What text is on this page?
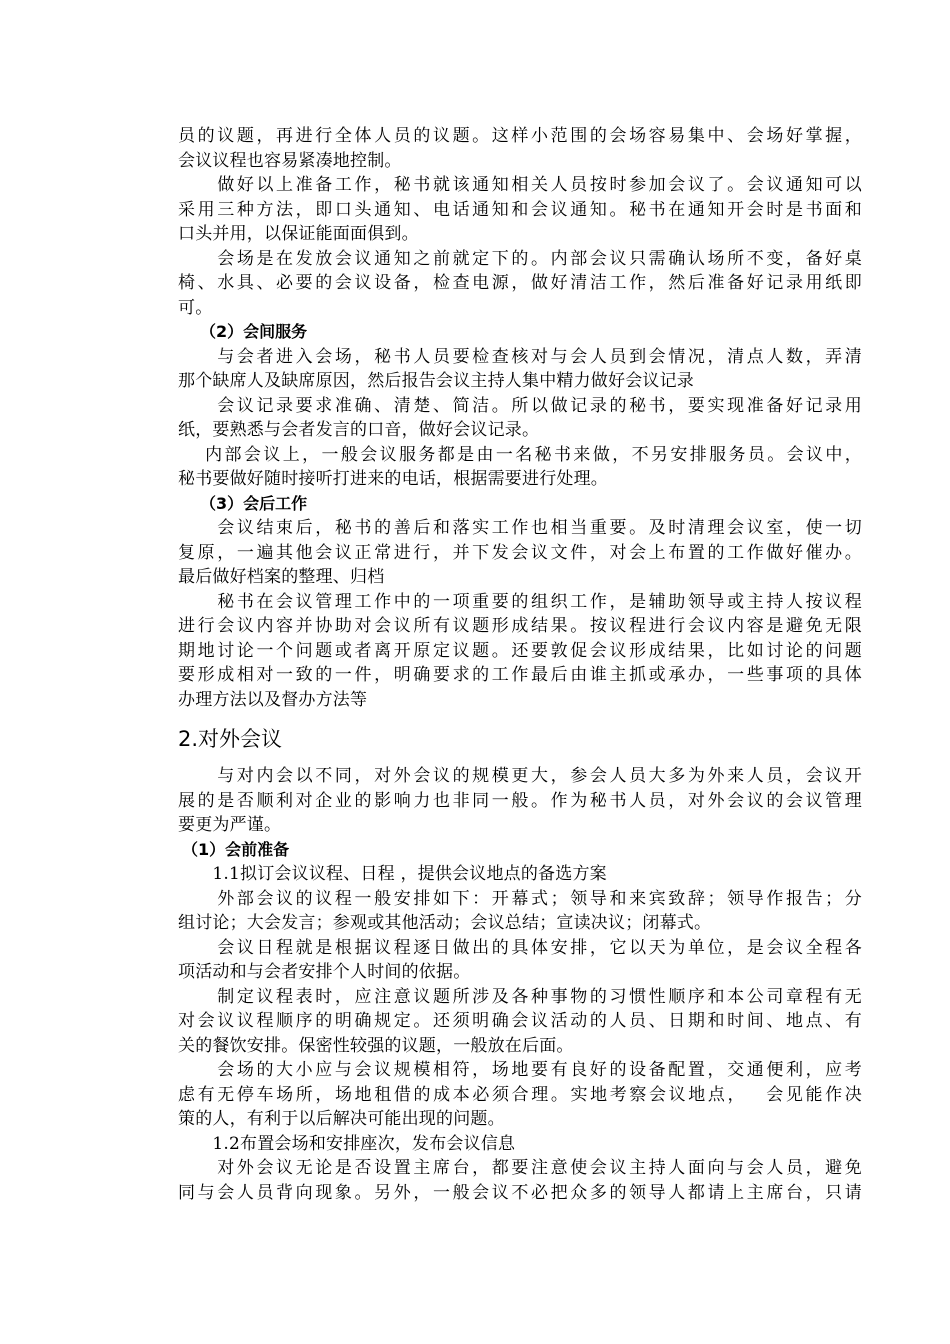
员的议题，再进行全体人员的议题。这样小范围的会场容易集中、会场好掌握，
会议议程也容易紧凑地控制。
　　做好以上准备工作，秘书就该通知相关人员按时参加会议了。会议通知可以
采用三种方法，即口头通知、电话通知和会议通知。秘书在通知开会时是书面和
口头并用，以保证能面面俱到。
　　会场是在发放会议通知之前就定下的。内部会议只需确认场所不变，备好桌
椅、水具、必要的会议设备，检查电源，做好清洁工作，然后准备好记录用纸即
可。
（2）会间服务
　　与会者进入会场，秘书人员要检查核对与会人员到会情况，清点人数，弄清
那个缺席人及缺席原因，然后报告会议主持人集中精力做好会议记录
　　会议记录要求准确、清楚、简洁。所以做记录的秘书，要实现准备好记录用
纸，要熟悉与会者发言的口音，做好会议记录。
　 内部会议上，一般会议服务都是由一名秘书来做，不另安排服务员。会议中，
秘书要做好随时接听打进来的电话，根据需要进行处理。
（3）会后工作
　　会议结束后，秘书的善后和落实工作也相当重要。及时清理会议室，使一切
复原，一遍其他会议正常进行，并下发会议文件，对会上布置的工作做好催办。
最后做好档案的整理、归档
　　秘书在会议管理工作中的一项重要的组织工作，是辅助领导或主持人按议程
进行会议内容并协助对会议所有议题形成结果。按议程进行会议内容是避免无限
期地讨论一个问题或者离开原定议题。还要敦促会议形成结果，比如讨论的问题
要形成相对一致的一件，明确要求的工作最后由谁主抓或承办，一些事项的具体
办理方法以及督办方法等
2.对外会议
　　与对内会以不同，对外会议的规模更大，参会人员大多为外来人员，会议开
展的是否顺利对企业的影响力也非同一般。作为秘书人员，对外会议的会议管理
要更为严谨。
（1）会前准备
　　1.1拟订会议议程、日程 ，提供会议地点的备选方案
　　外部会议的议程一般安排如下：开幕式；领导和来宾致辞；领导作报告；分
组讨论；大会发言；参观或其他活动；会议总结；宣读决议；闭幕式。
　　会议日程就是根据议程逐日做出的具体安排，它以天为单位，是会议全程各
项活动和与会者安排个人时间的依据。
　　制定议程表时，应注意议题所涉及各种事物的习惯性顺序和本公司章程有无
对会议议程顺序的明确规定。还须明确会议活动的人员、日期和时间、地点、有
关的餐饮安排。保密性较强的议题，一般放在后面。
　　会场的大小应与会议规模相符，场地要有良好的设备配置，交通便利，应考
虑有无停车场所，场地租借的成本必须合理。实地考察会议地点，　 会见能作决
策的人，有利于以后解决可能出现的问题。
　　1.2布置会场和安排座次，发布会议信息
　　对外会议无论是否设置主席台，都要注意使会议主持人面向与会人员，避免
同与会人员背向现象。另外，一般会议不必把众多的领导人都请上主席台，只请
